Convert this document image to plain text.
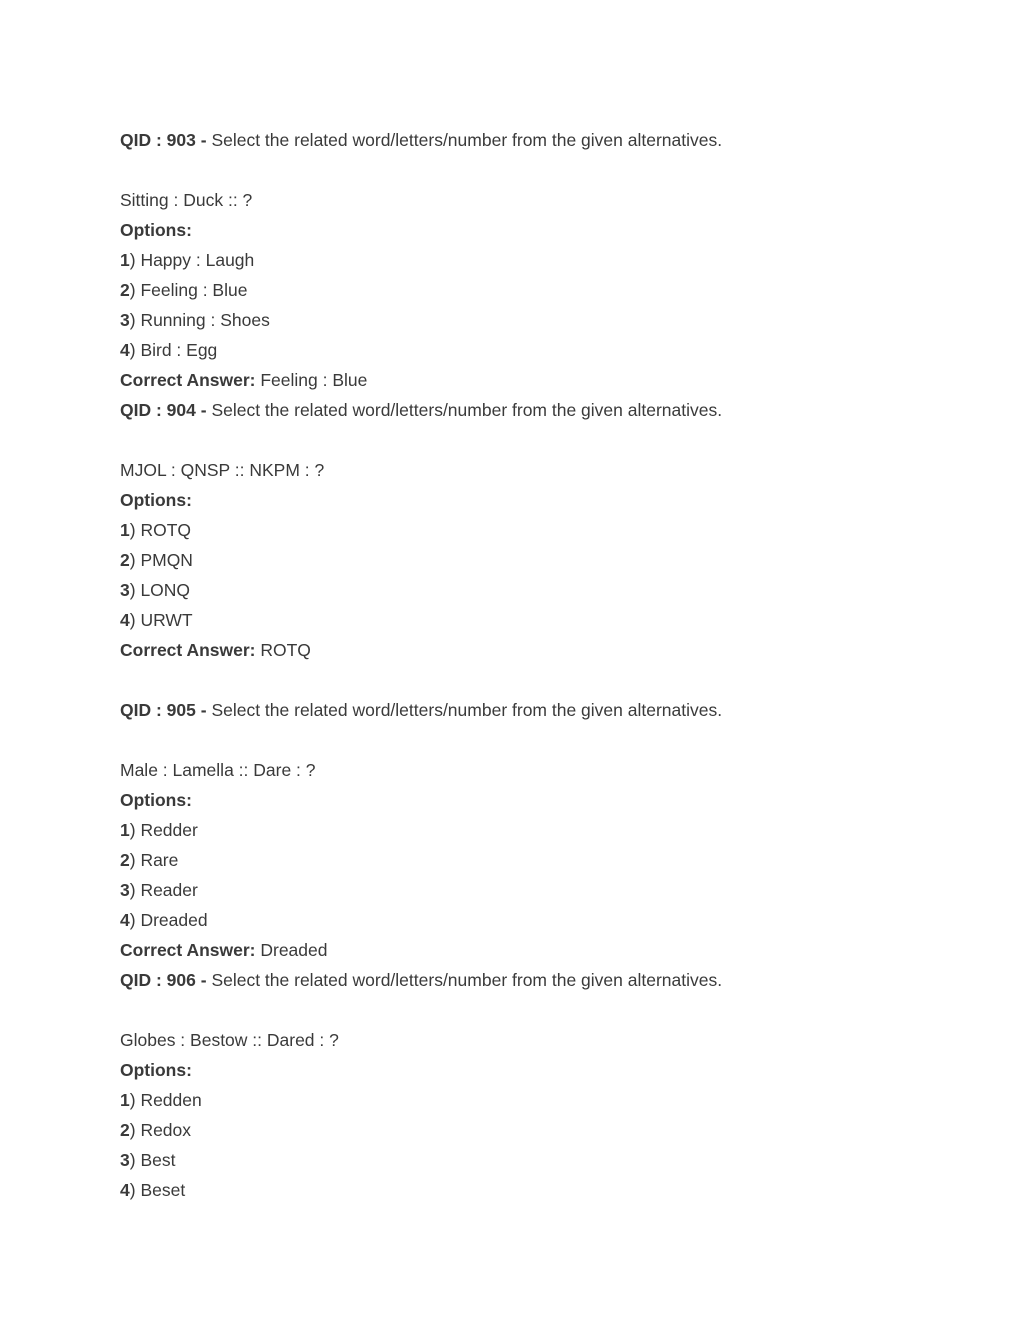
QID : 903 - Select the related word/letters/number from the given alternatives.
Sitting : Duck :: ?
Options:
1) Happy : Laugh
2) Feeling : Blue
3) Running : Shoes
4) Bird : Egg
Correct Answer: Feeling : Blue
QID : 904 - Select the related word/letters/number from the given alternatives.
MJOL : QNSP :: NKPM : ?
Options:
1) ROTQ
2) PMQN
3) LONQ
4) URWT
Correct Answer: ROTQ
QID : 905 - Select the related word/letters/number from the given alternatives.
Male : Lamella :: Dare : ?
Options:
1) Redder
2) Rare
3) Reader
4) Dreaded
Correct Answer: Dreaded
QID : 906 - Select the related word/letters/number from the given alternatives.
Globes : Bestow :: Dared : ?
Options:
1) Redden
2) Redox
3) Best
4) Beset
